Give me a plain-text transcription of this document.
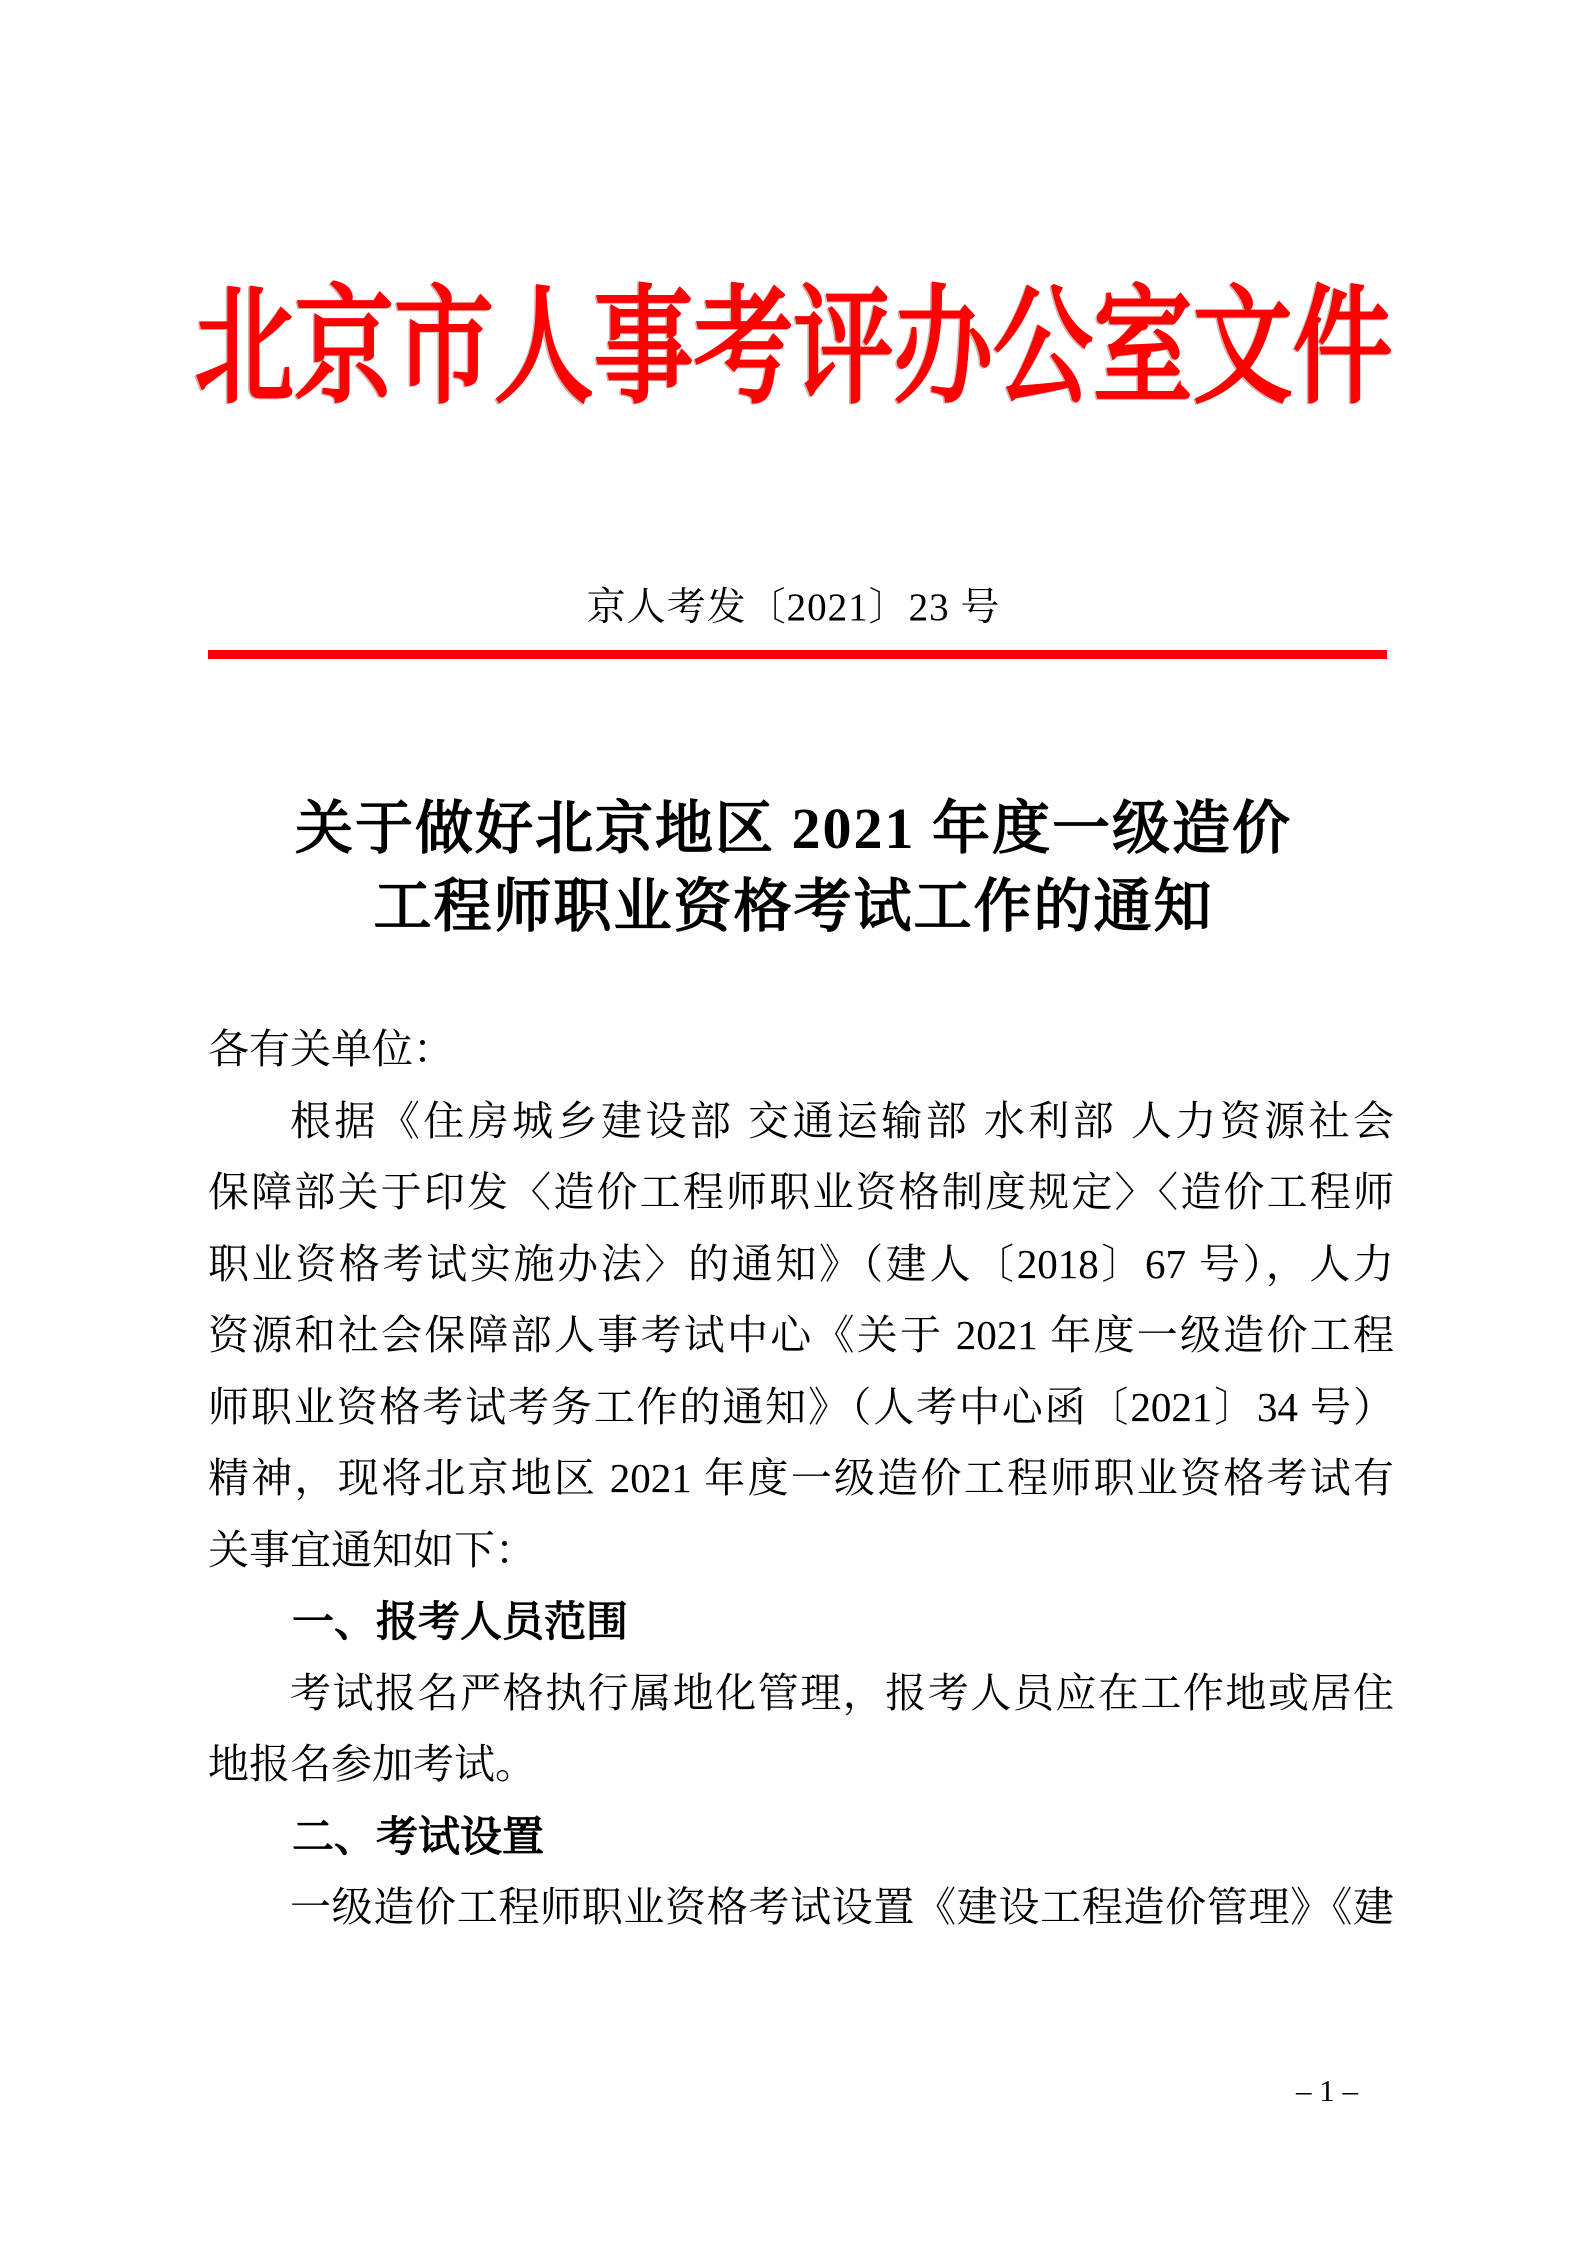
北京市人事考评办公室文件
京人考发〔2021〕23 号
关于做好北京地区 2021 年度一级造价
工程师职业资格考试工作的通知
各有关单位：
根据《住房城乡建设部 交通运输部 水利部 人力资源社会
保障部关于印发〈造价工程师职业资格制度规定〉〈造价工程师
职业资格考试实施办法〉的通知》（建人〔2018〕67 号），人力
资源和社会保障部人事考试中心《关于 2021 年度一级造价工程
师职业资格考试考务工作的通知》（人考中心函〔2021〕34 号）
精神，现将北京地区 2021 年度一级造价工程师职业资格考试有
关事宜通知如下：
一、报考人员范围
考试报名严格执行属地化管理，报考人员应在工作地或居住
地报名参加考试。
二、考试设置
一级造价工程师职业资格考试设置《建设工程造价管理》《建
– 1 –
